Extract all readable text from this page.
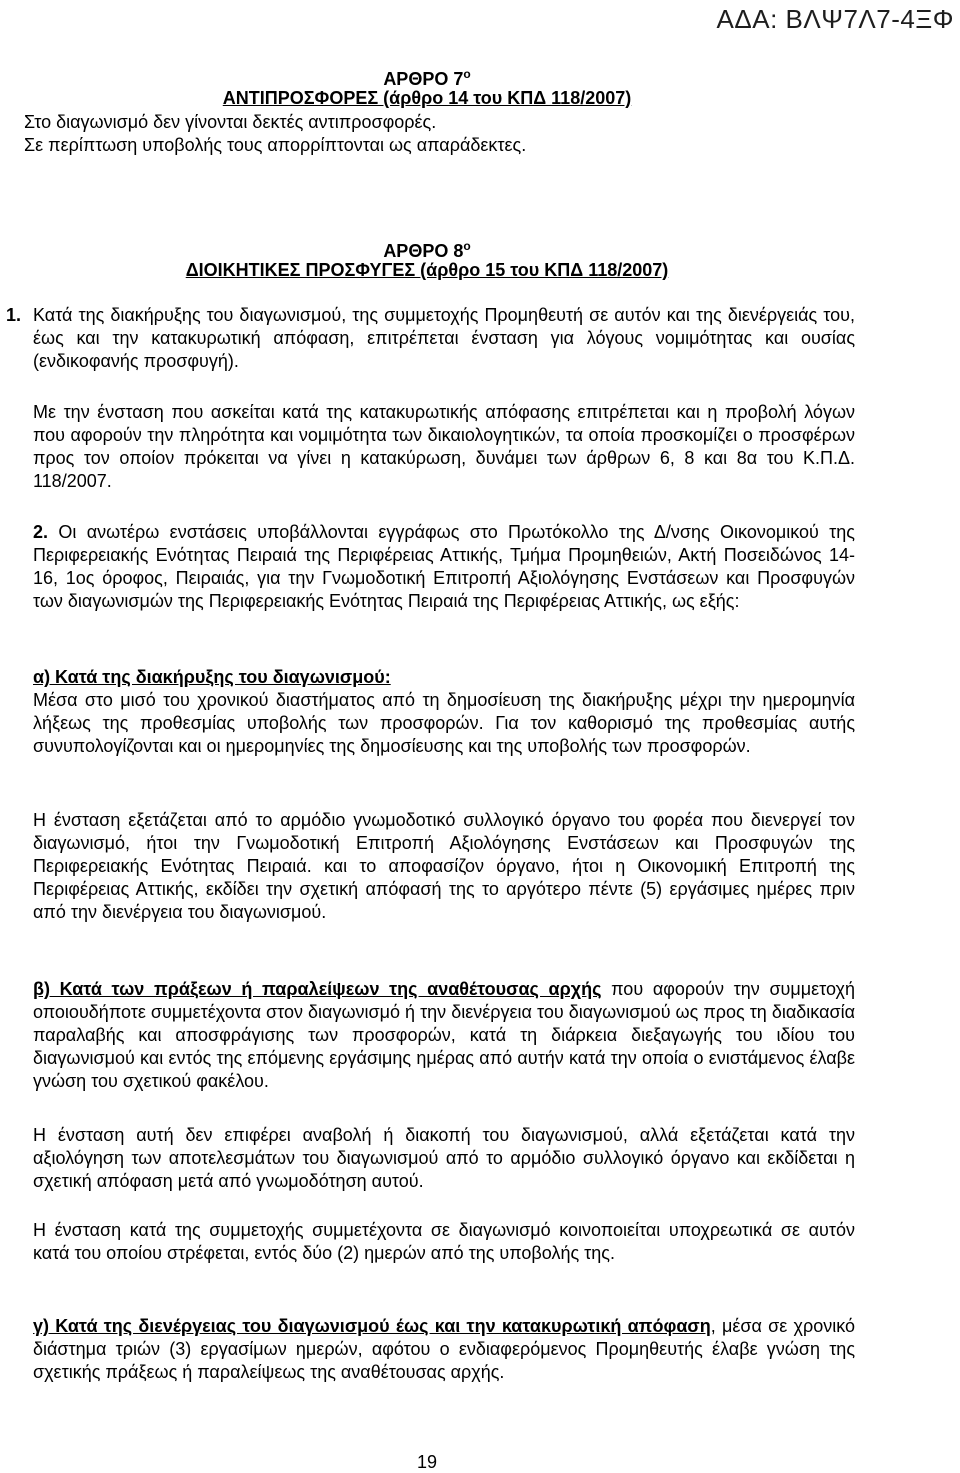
ΑΔΑ: ΒΛΨ7Λ7-4ΞΦ
ΑΡΘΡΟ $7^o$
ΑΝΤΙΠΡΟΣΦΟΡΕΣ (άρθρο 14 του ΚΠΔ 118/2007)
Στο διαγωνισμό δεν γίνονται δεκτές αντιπροσφορές.
Σε περίπτωση υποβολής τους απορρίπτονται ως απαράδεκτες.
ΑΡΘΡΟ $8^o$
ΔΙΟΙΚΗΤΙΚΕΣ ΠΡΟΣΦΥΓΕΣ (άρθρο 15 του ΚΠΔ 118/2007)
1. Κατά της διακήρυξης του διαγωνισμού, της συμμετοχής Προμηθευτή σε αυτόν και της διενέργειάς του, έως και την κατακυρωτική απόφαση, επιτρέπεται ένσταση για λόγους νομιμότητας και ουσίας (ενδικοφανής προσφυγή).
Με την ένσταση που ασκείται κατά της κατακυρωτικής απόφασης επιτρέπεται και η προβολή λόγων που αφορούν την πληρότητα και νομιμότητα των δικαιολογητικών, τα οποία προσκομίζει ο προσφέρων προς τον οποίον πρόκειται να γίνει η κατακύρωση, δυνάμει των άρθρων 6, 8 και 8α του Κ.Π.Δ. 118/2007.
2. Οι ανωτέρω ενστάσεις υποβάλλονται εγγράφως στο Πρωτόκολλο της Δ/νσης Οικονομικού της Περιφερειακής Ενότητας Πειραιά της Περιφέρειας Αττικής, Τμήμα Προμηθειών, Ακτή Ποσειδώνος 14-16, 1ος όροφος, Πειραιάς, για την Γνωμοδοτική Επιτροπή Αξιολόγησης Ενστάσεων και Προσφυγών των διαγωνισμών της Περιφερειακής Ενότητας Πειραιά της Περιφέρειας Αττικής, ως εξής:
α) Κατά της διακήρυξης του διαγωνισμού:
Μέσα στο μισό του χρονικού διαστήματος από τη δημοσίευση της διακήρυξης μέχρι την ημερομηνία λήξεως της προθεσμίας υποβολής των προσφορών. Για τον καθορισμό της προθεσμίας αυτής συνυπολογίζονται και οι ημερομηνίες της δημοσίευσης και της υποβολής των προσφορών.
Η ένσταση εξετάζεται από το αρμόδιο γνωμοδοτικό συλλογικό όργανο του φορέα που διενεργεί τον διαγωνισμό, ήτοι την Γνωμοδοτική Επιτροπή Αξιολόγησης Ενστάσεων και Προσφυγών της Περιφερειακής Ενότητας Πειραιά. και το αποφασίζον όργανο, ήτοι η Οικονομική Επιτροπή της Περιφέρειας Αττικής, εκδίδει την σχετική απόφασή της το αργότερο πέντε (5) εργάσιμες ημέρες πριν από την διενέργεια του διαγωνισμού.
β) Κατά των πράξεων ή παραλείψεων της αναθέτουσας αρχής που αφορούν την συμμετοχή οποιουδήποτε συμμετέχοντα στον διαγωνισμό ή την διενέργεια του διαγωνισμού ως προς τη διαδικασία παραλαβής και αποσφράγισης των προσφορών, κατά τη διάρκεια διεξαγωγής του ιδίου του διαγωνισμού και εντός της επόμενης εργάσιμης ημέρας από αυτήν κατά την οποία ο ενιστάμενος έλαβε γνώση του σχετικού φακέλου.
Η ένσταση αυτή δεν επιφέρει αναβολή ή διακοπή του διαγωνισμού, αλλά εξετάζεται κατά την αξιολόγηση των αποτελεσμάτων του διαγωνισμού από το αρμόδιο συλλογικό όργανο και εκδίδεται η σχετική απόφαση μετά από γνωμοδότηση αυτού.
Η ένσταση κατά της συμμετοχής συμμετέχοντα σε διαγωνισμό κοινοποιείται υποχρεωτικά σε αυτόν κατά του οποίου στρέφεται, εντός δύο (2) ημερών από της υποβολής της.
γ) Κατά της διενέργειας του διαγωνισμού έως και την κατακυρωτική απόφαση, μέσα σε χρονικό διάστημα τριών (3) εργασίμων ημερών, αφότου ο ενδιαφερόμενος Προμηθευτής έλαβε γνώση της σχετικής πράξεως ή παραλείψεως της αναθέτουσας αρχής.
19
